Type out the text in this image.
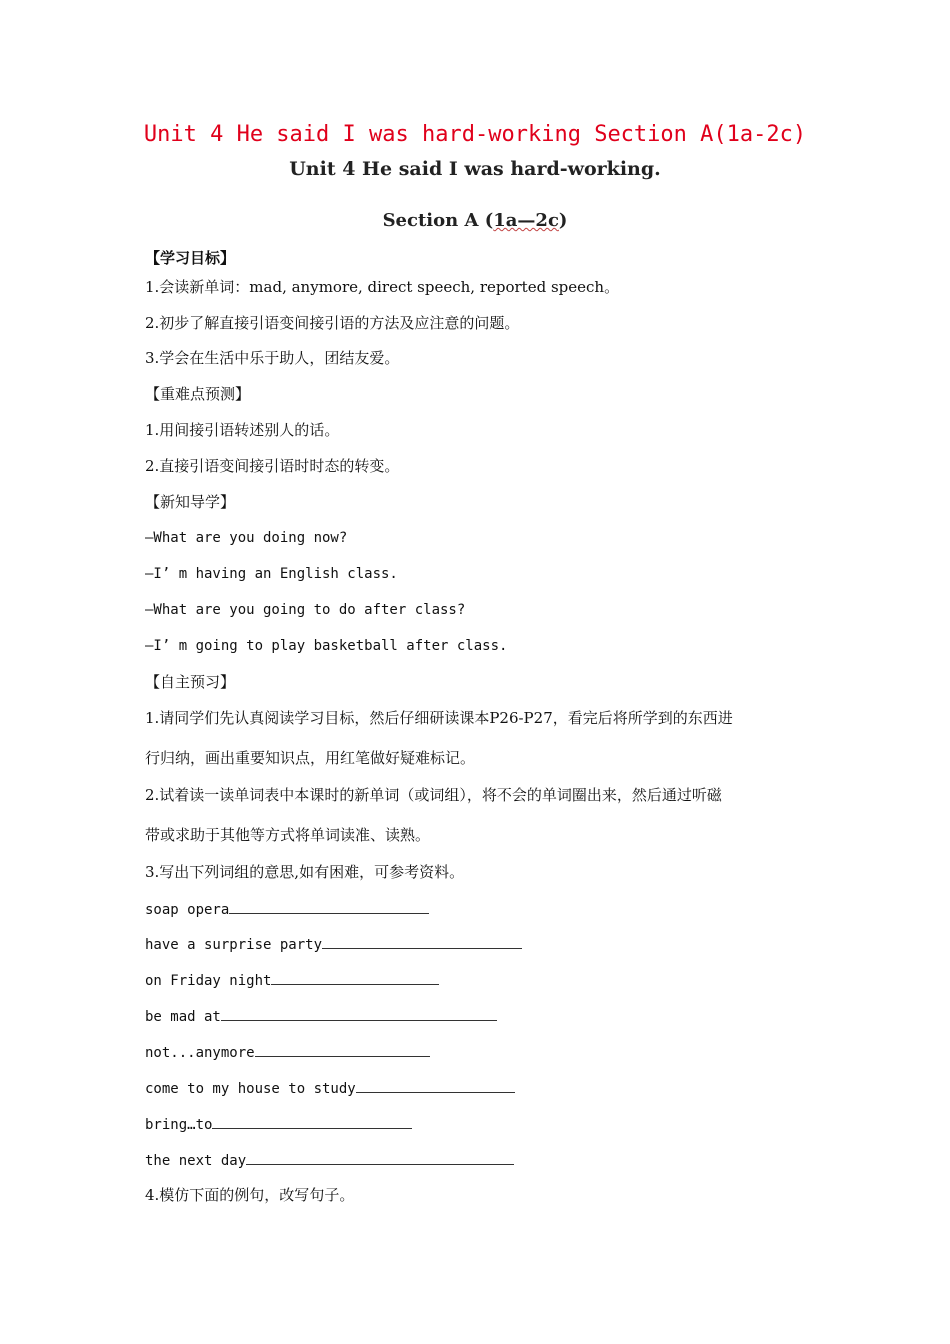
Unit 4 He said I was hard-working Section A(1a-2c)
Unit 4 He said I was hard-working.
Section A (1a—2c)
【学习目标】
1.会读新单词：mad, anymore, direct speech, reported speech。
2.初步了解直接引语变间接引语的方法及应注意的问题。
3.学会在生活中乐于助人，团结友爱。
【重难点预测】
1.用间接引语转述别人的话。
2.直接引语变间接引语时时态的转变。
【新知导学】
—What are you doing now?
—I’ m having an English class.
—What are you going to do after class?
—I’ m going to play basketball after class.
【自主预习】
1.请同学们先认真阅读学习目标，然后仔细研读课本P26-P27，看完后将所学到的东西进
行归纳，画出重要知识点，用红笔做好疑难标记。
2.试着读一读单词表中本课时的新单词（或词组），将不会的单词圈出来，然后通过听磁
带或求助于其他等方式将单词读准、读熟。
3.写出下列词组的意思,如有困难，可参考资料。
soap opera
have a surprise party
on Friday night
be mad at
not...anymore
come to my house to study
bring…to
the next day
4.模仿下面的例句，改写句子。
